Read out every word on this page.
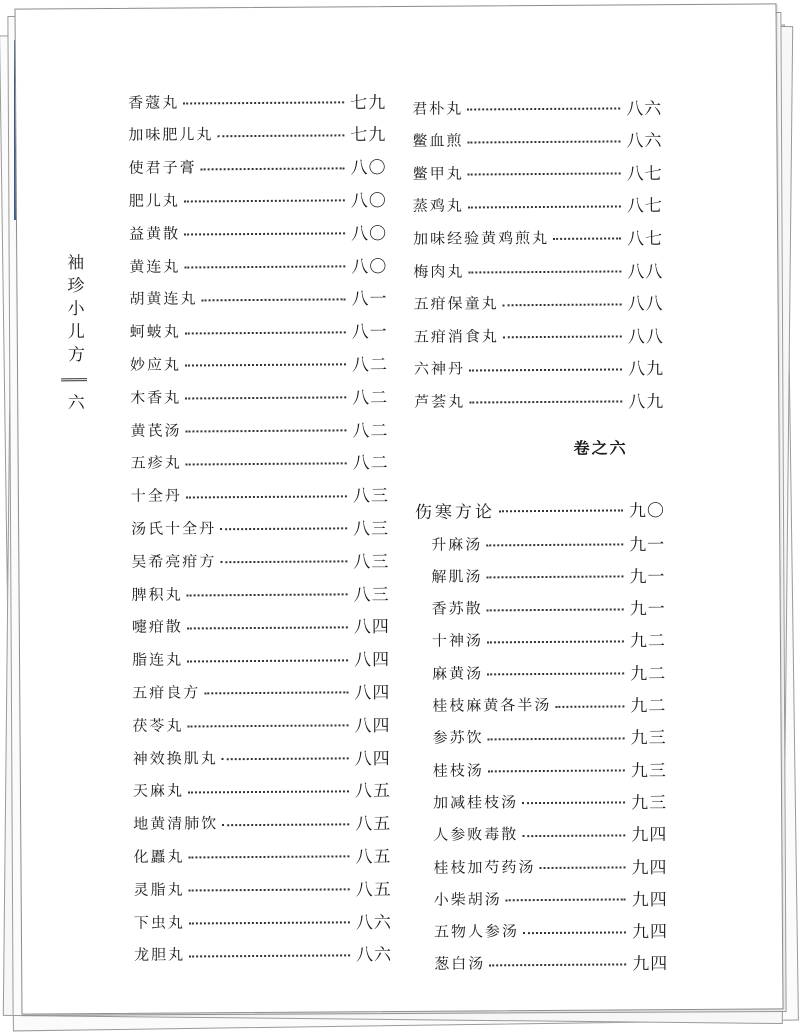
袖珍小儿方
六
香蔻丸	七九
加味肥儿丸	七九
使君子膏	八〇
肥儿丸	八〇
益黄散	八〇
黄连丸	八〇
胡黄连丸	八一
蚵蚾丸	八一
妙应丸	八二
木香丸	八二
黄芪汤	八二
五疹丸	八二
十全丹	八三
汤氏十全丹	八三
吴希亮疳方	八三
脾积丸	八三
嚏疳散	八四
脂连丸	八四
五疳良方	八四
茯苓丸	八四
神效换肌丸	八四
天麻丸	八五
地黄清肺饮	八五
化䘌丸	八五
灵脂丸	八五
下虫丸	八六
龙胆丸	八六
卷之六
君朴丸	八六
鳖血煎	八六
鳖甲丸	八七
蒸鸡丸	八七
加味经验黄鸡煎丸	八七
梅肉丸	八八
五疳保童丸	八八
五疳消食丸	八八
六神丹	八九
芦荟丸	八九
伤寒方论	九〇
升麻汤	九一
解肌汤	九一
香苏散	九一
十神汤	九二
麻黄汤	九二
桂枝麻黄各半汤	九二
参苏饮	九三
桂枝汤	九三
加减桂枝汤	九三
人参败毒散	九四
桂枝加芍药汤	九四
小柴胡汤	九四
五物人参汤	九四
葱白汤	九四
